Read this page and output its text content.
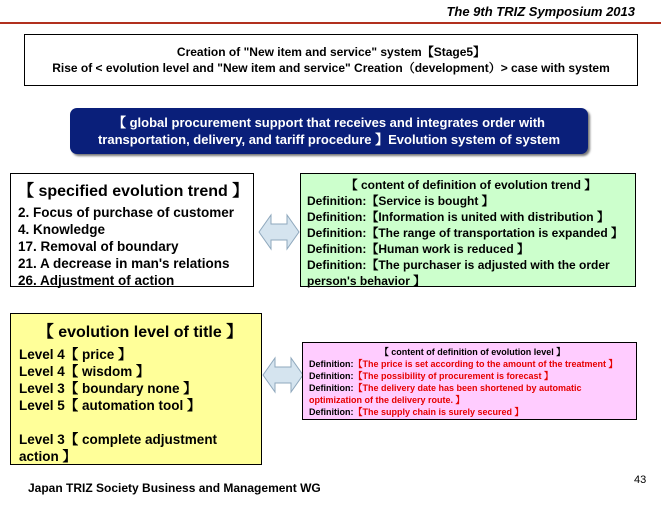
The 9th TRIZ Symposium 2013
Creation of "New item and service" system【Stage5】
Rise of < evolution level and "New item and service" Creation（development）> case with system
【 global procurement support that receives and integrates order with
transportation, delivery, and tariff procedure 】Evolution system of system
【 specified evolution trend 】
2. Focus of purchase of customer
4. Knowledge
17. Removal of boundary
21. A decrease in man's relations
26. Adjustment of action
【 content of definition of evolution trend 】
Definition:【Service is bought 】
Definition:【Information is united with distribution 】
Definition:【The range of transportation is expanded 】
Definition:【Human work is reduced 】
Definition:【The purchaser is adjusted with the order person's behavior 】
【 evolution level of title 】
Level 4【 price 】
Level 4【 wisdom 】
Level 3【 boundary none 】
Level 5【 automation tool 】
Level 3【 complete adjustment action 】
【 content of definition of evolution level 】
Definition:【The price is set according to the amount of the treatment 】
Definition:【The possibility of procurement is forecast 】
Definition:【The delivery date has been shortened by automatic optimization of the delivery route. 】
Definition:【The supply chain is surely secured 】
Japan TRIZ Society Business and Management WG
43
